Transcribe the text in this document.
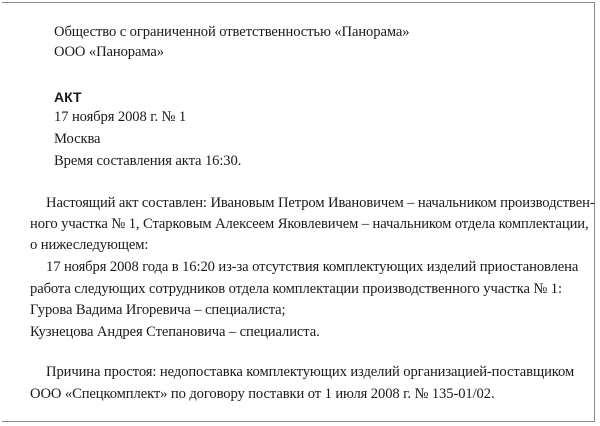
Общество с ограниченной ответственностью «Панорама»
ООО «Панорама»
АКТ
17 ноября 2008 г. № 1
Москва
Время составления акта 16:30.
Настоящий акт составлен: Ивановым Петром Ивановичем – начальником производствен-
ного участка № 1, Старковым Алексеем Яковлевичем – начальником отдела комплектации,
о нижеследующем:
17 ноября 2008 года в 16:20 из-за отсутствия комплектующих изделий приостановлена
работа следующих сотрудников отдела комплектации производственного участка № 1:
Гурова Вадима Игоревича – специалиста;
Кузнецова Андрея Степановича – специалиста.
Причина простоя: недопоставка комплектующих изделий организацией-поставщиком
ООО «Спецкомплект» по договору поставки от 1 июля 2008 г. № 135-01/02.
